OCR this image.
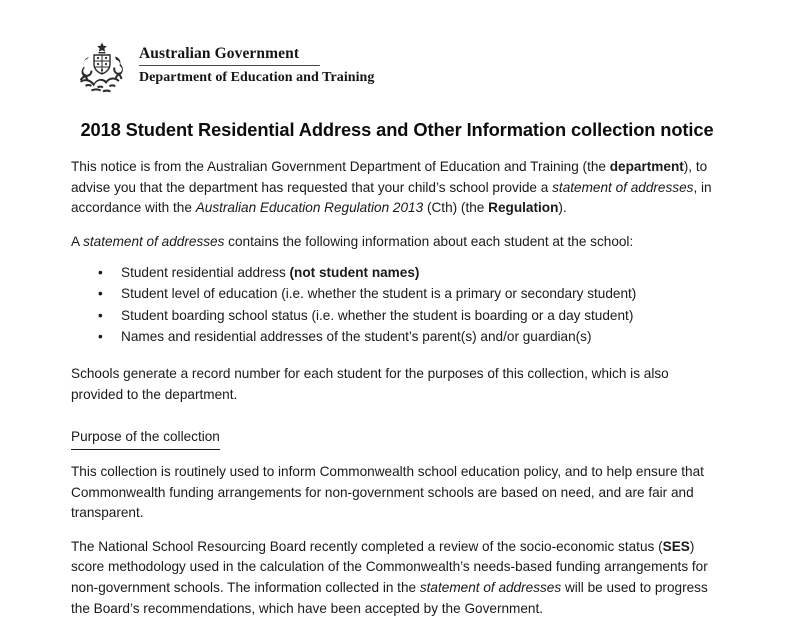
Australian Government
Department of Education and Training
2018 Student Residential Address and Other Information collection notice

This notice is from the Australian Government Department of Education and Training (the department), to advise you that the department has requested that your child’s school provide a statement of addresses, in accordance with the Australian Education Regulation 2013 (Cth) (the Regulation).

A statement of addresses contains the following information about each student at the school:

• Student residential address (not student names)
• Student level of education (i.e. whether the student is a primary or secondary student)
• Student boarding school status (i.e. whether the student is boarding or a day student)
• Names and residential addresses of the student’s parent(s) and/or guardian(s)

Schools generate a record number for each student for the purposes of this collection, which is also provided to the department.

Purpose of the collection

This collection is routinely used to inform Commonwealth school education policy, and to help ensure that Commonwealth funding arrangements for non-government schools are based on need, and are fair and transparent.

The National School Resourcing Board recently completed a review of the socio-economic status (SES) score methodology used in the calculation of the Commonwealth’s needs-based funding arrangements for non-government schools. The information collected in the statement of addresses will be used to progress the Board’s recommendations, which have been accepted by the Government.
